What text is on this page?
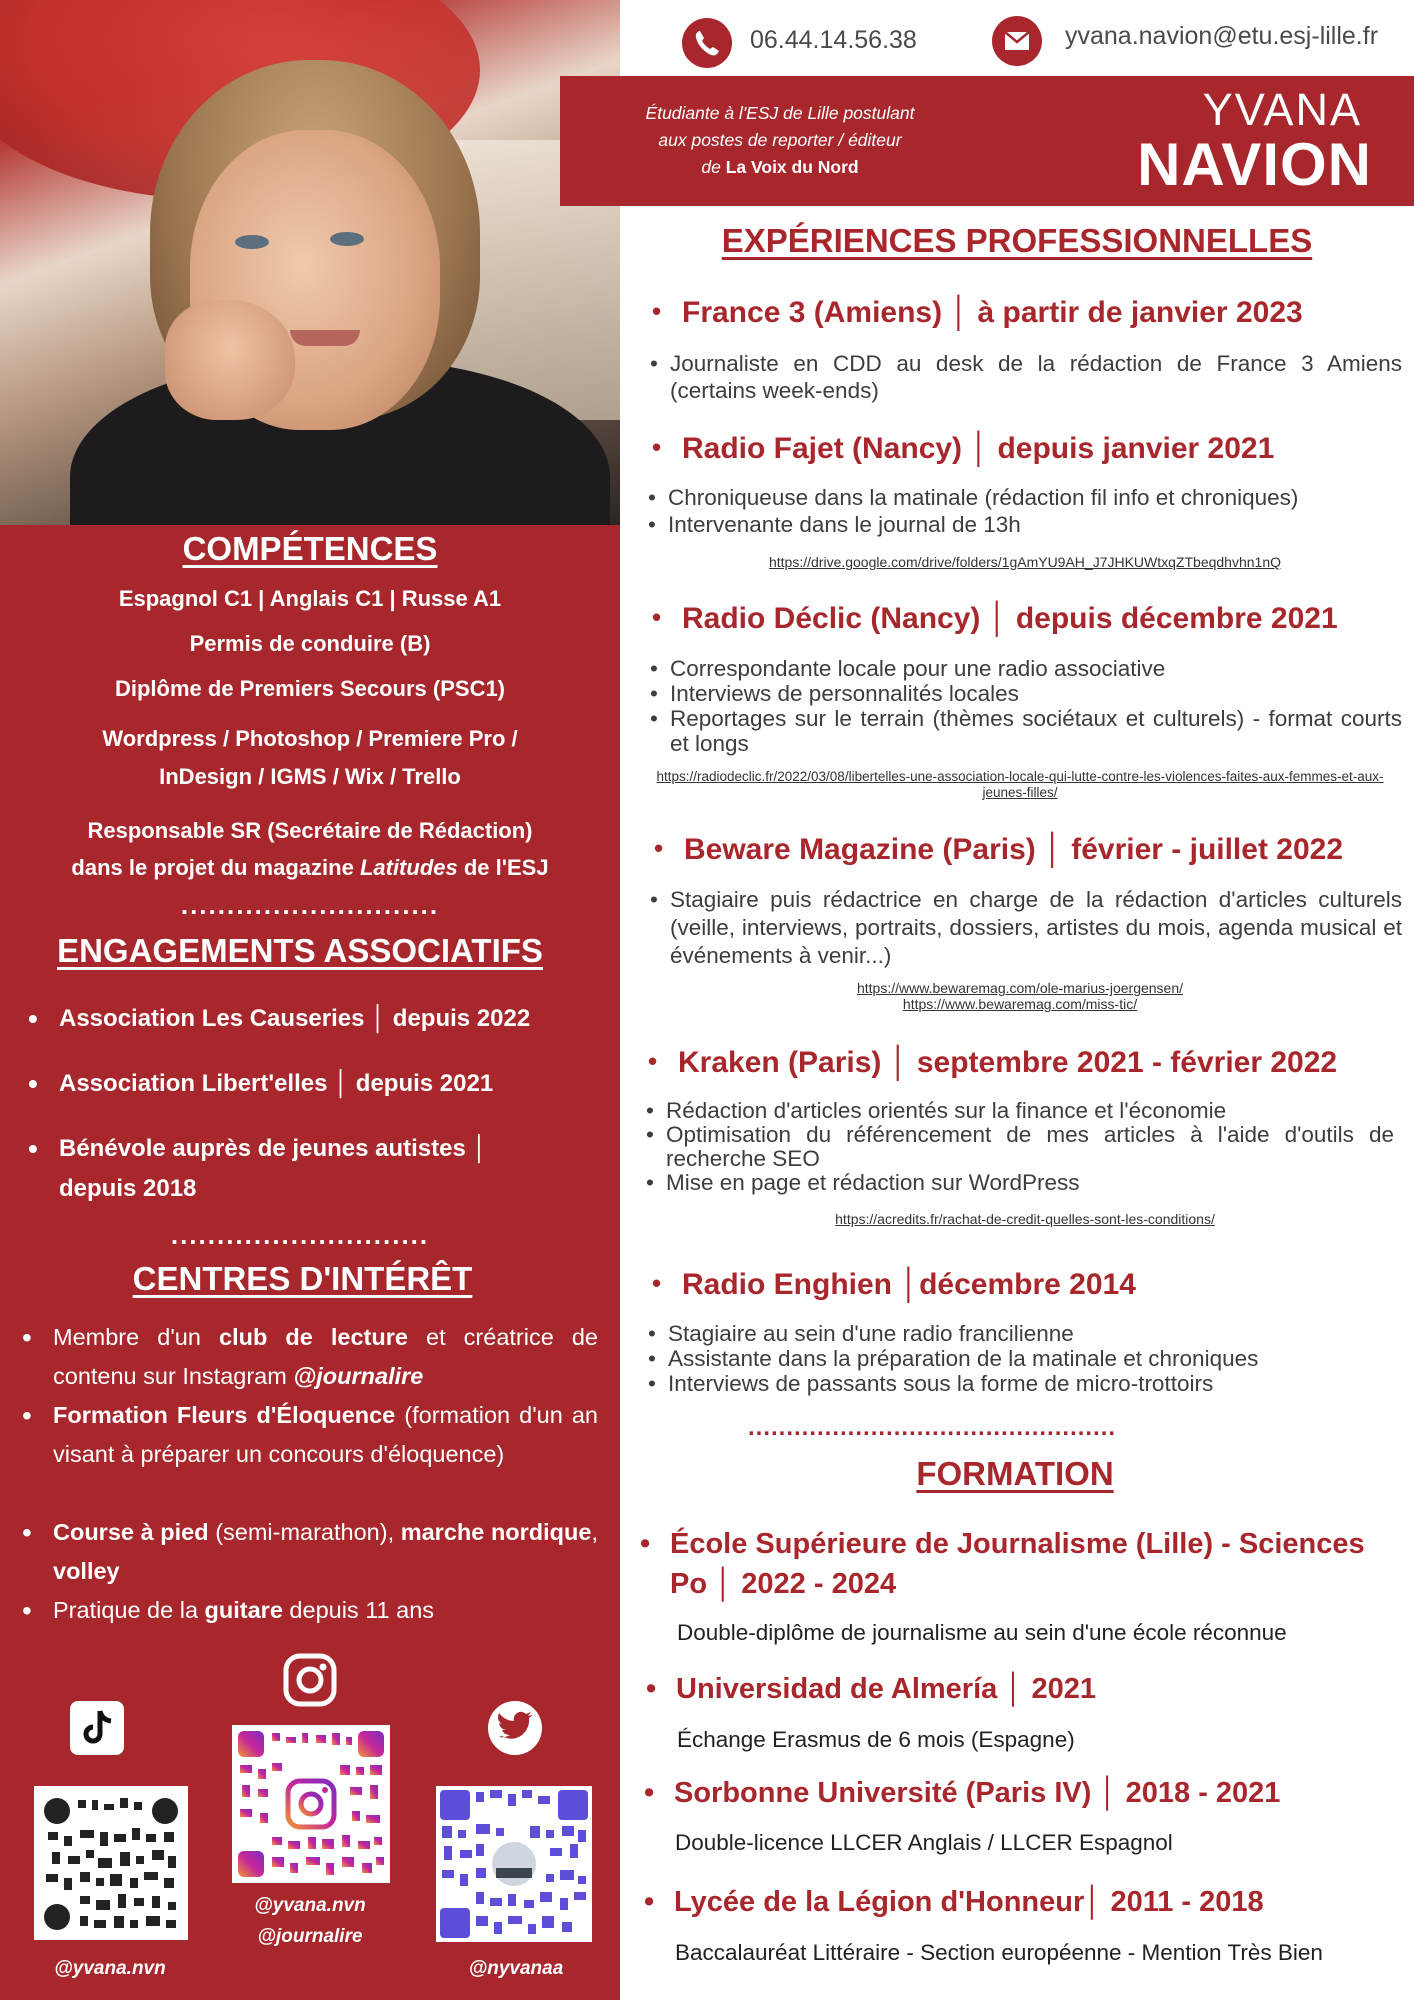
COMPÉTENCES
Espagnol C1 | Anglais C1 | Russe A1
Permis de conduire (B)
Diplôme de Premiers Secours (PSC1)
Wordpress / Photoshop / Premiere Pro /
InDesign / IGMS / Wix / Trello
Responsable SR (Secrétaire de Rédaction)
dans le projet du magazine Latitudes de l'ESJ
............................
ENGAGEMENTS ASSOCIATIFS
• Association Les Causeries │ depuis 2022
• Association Libert'elles │ depuis 2021
• Bénévole auprès de jeunes autistes │ depuis 2018
............................
CENTRES D'INTÉRÊT
• Membre d'un club de lecture et créatrice de contenu sur Instagram @journalire
• Formation Fleurs d'Éloquence (formation d'un an visant à préparer un concours d'éloquence)
• Course à pied (semi-marathon), marche nordique, volley
• Pratique de la guitare depuis 11 ans
@yvana.nvn
@yvana.nvn
@journalire
@nyvanaa
06.44.14.56.38	yvana.navion@etu.esj-lille.fr
Étudiante à l'ESJ de Lille postulant
aux postes de reporter / éditeur
de La Voix du Nord
YVANA
NAVION
EXPÉRIENCES PROFESSIONNELLES
• France 3 (Amiens) │ à partir de janvier 2023
• Journaliste en CDD au desk de la rédaction de France 3 Amiens (certains week-ends)
• Radio Fajet (Nancy) │ depuis janvier 2021
• Chroniqueuse dans la matinale (rédaction fil info et chroniques)
• Intervenante dans le journal de 13h
https://drive.google.com/drive/folders/1gAmYU9AH_J7JHKUWtxqZTbeqdhvhn1nQ
• Radio Déclic (Nancy) │ depuis décembre 2021
• Correspondante locale pour une radio associative
• Interviews de personnalités locales
• Reportages sur le terrain (thèmes sociétaux et culturels) - format courts et longs
https://radiodeclic.fr/2022/03/08/libertelles-une-association-locale-qui-lutte-contre-les-violences-faites-aux-femmes-et-aux-jeunes-filles/
• Beware Magazine (Paris) │ février - juillet 2022
• Stagiaire puis rédactrice en charge de la rédaction d'articles culturels (veille, interviews, portraits, dossiers, artistes du mois, agenda musical et événements à venir...)
https://www.bewaremag.com/ole-marius-joergensen/
https://www.bewaremag.com/miss-tic/
• Kraken (Paris) │ septembre 2021 - février 2022
• Rédaction d'articles orientés sur la finance et l'économie
• Optimisation du référencement de mes articles à l'aide d'outils de recherche SEO
• Mise en page et rédaction sur WordPress
https://acredits.fr/rachat-de-credit-quelles-sont-les-conditions/
• Radio Enghien │décembre 2014
• Stagiaire au sein d'une radio francilienne
• Assistante dans la préparation de la matinale et chroniques
• Interviews de passants sous la forme de micro-trottoirs
................................................
FORMATION
• École Supérieure de Journalisme (Lille) - Sciences
Po │ 2022 - 2024
Double-diplôme de journalisme au sein d'une école réconnue
• Universidad de Almería │ 2021
Échange Erasmus de 6 mois (Espagne)
• Sorbonne Université (Paris IV) │ 2018 - 2021
Double-licence LLCER Anglais / LLCER Espagnol
• Lycée de la Légion d'Honneur│ 2011 - 2018
Baccalauréat Littéraire - Section européenne - Mention Très Bien
